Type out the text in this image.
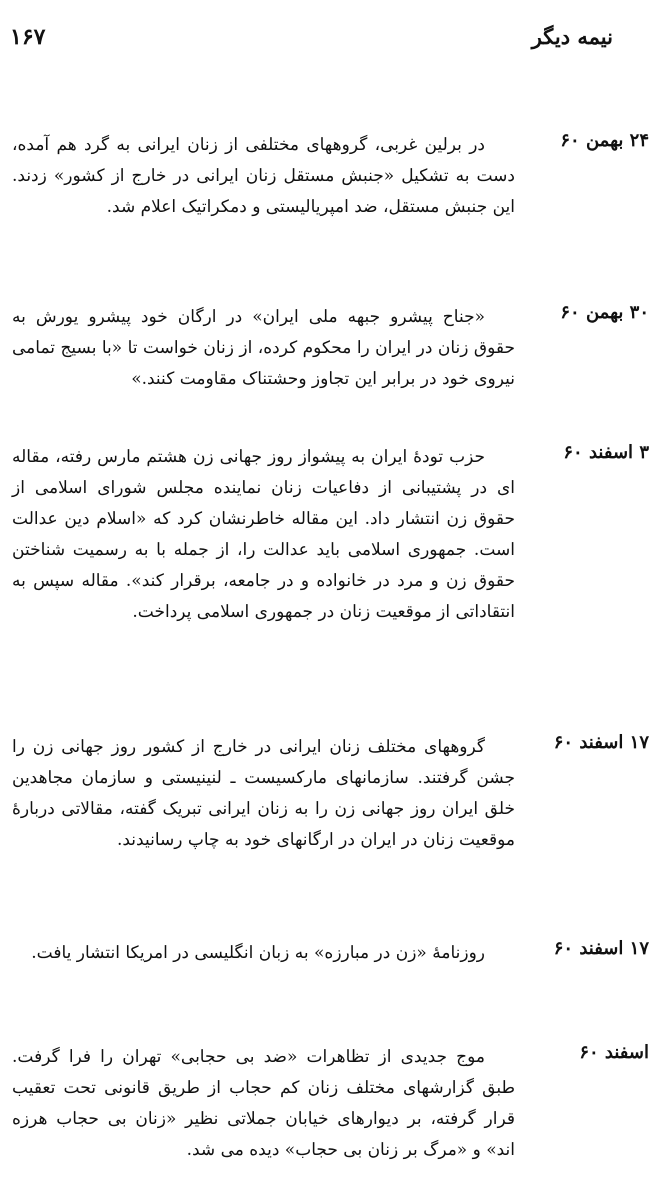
نیمه دیگر
۱۶۷
۲۴ بهمن ۶۰

در برلین غربی، گروههای مختلفی از زنان ایرانی به گرد هم آمده، دست به تشکیل «جنبش مستقل زنان ایرانی در خارج از کشور» زدند. این جنبش مستقل، ضد امپریالیستی و دمکراتیک اعلام شد.

۳۰ بهمن ۶۰

«جناح پیشرو جبهه ملی ایران» در ارگان خود پیشرو یورش به حقوق زنان در ایران را محکوم کرده، از زنان خواست تا «با بسیج تمامی نیروی خود در برابر این تجاوز وحشتناک مقاومت کنند.»

۳ اسفند ۶۰

حزب تودهٔ ایران به پیشواز روز جهانی زن هشتم مارس رفته، مقاله ای در پشتیبانی از دفاعیات زنان نماینده مجلس شورای اسلامی از حقوق زن انتشار داد. این مقاله خاطرنشان کرد که «اسلام دین عدالت است. جمهوری اسلامی باید عدالت را، از جمله با به رسمیت شناختن حقوق زن و مرد در خانواده و در جامعه، برقرار کند». مقاله سپس به انتقاداتی از موقعیت زنان در جمهوری اسلامی پرداخت.

۱۷ اسفند ۶۰

گروههای مختلف زنان ایرانی در خارج از کشور روز جهانی زن را جشن گرفتند. سازمانهای مارکسیست ـ لنینیستی و سازمان مجاهدین خلق ایران روز جهانی زن را به زنان ایرانی تبریک گفته، مقالاتی دربارهٔ موقعیت زنان در ایران در ارگانهای خود به چاپ رسانیدند.

۱۷ اسفند ۶۰

روزنامهٔ «زن در مبارزه» به زبان انگلیسی در امریکا انتشار یافت.

اسفند ۶۰

موج جدیدی از تظاهرات «ضد بی حجابی» تهران را فرا گرفت. طبق گزارشهای مختلف زنان کم حجاب از طریق قانونی تحت تعقیب قرار گرفته، بر دیوارهای خیابان جملاتی نظیر «زنان بی حجاب هرزه اند» و «مرگ بر زنان بی حجاب» دیده می شد.
